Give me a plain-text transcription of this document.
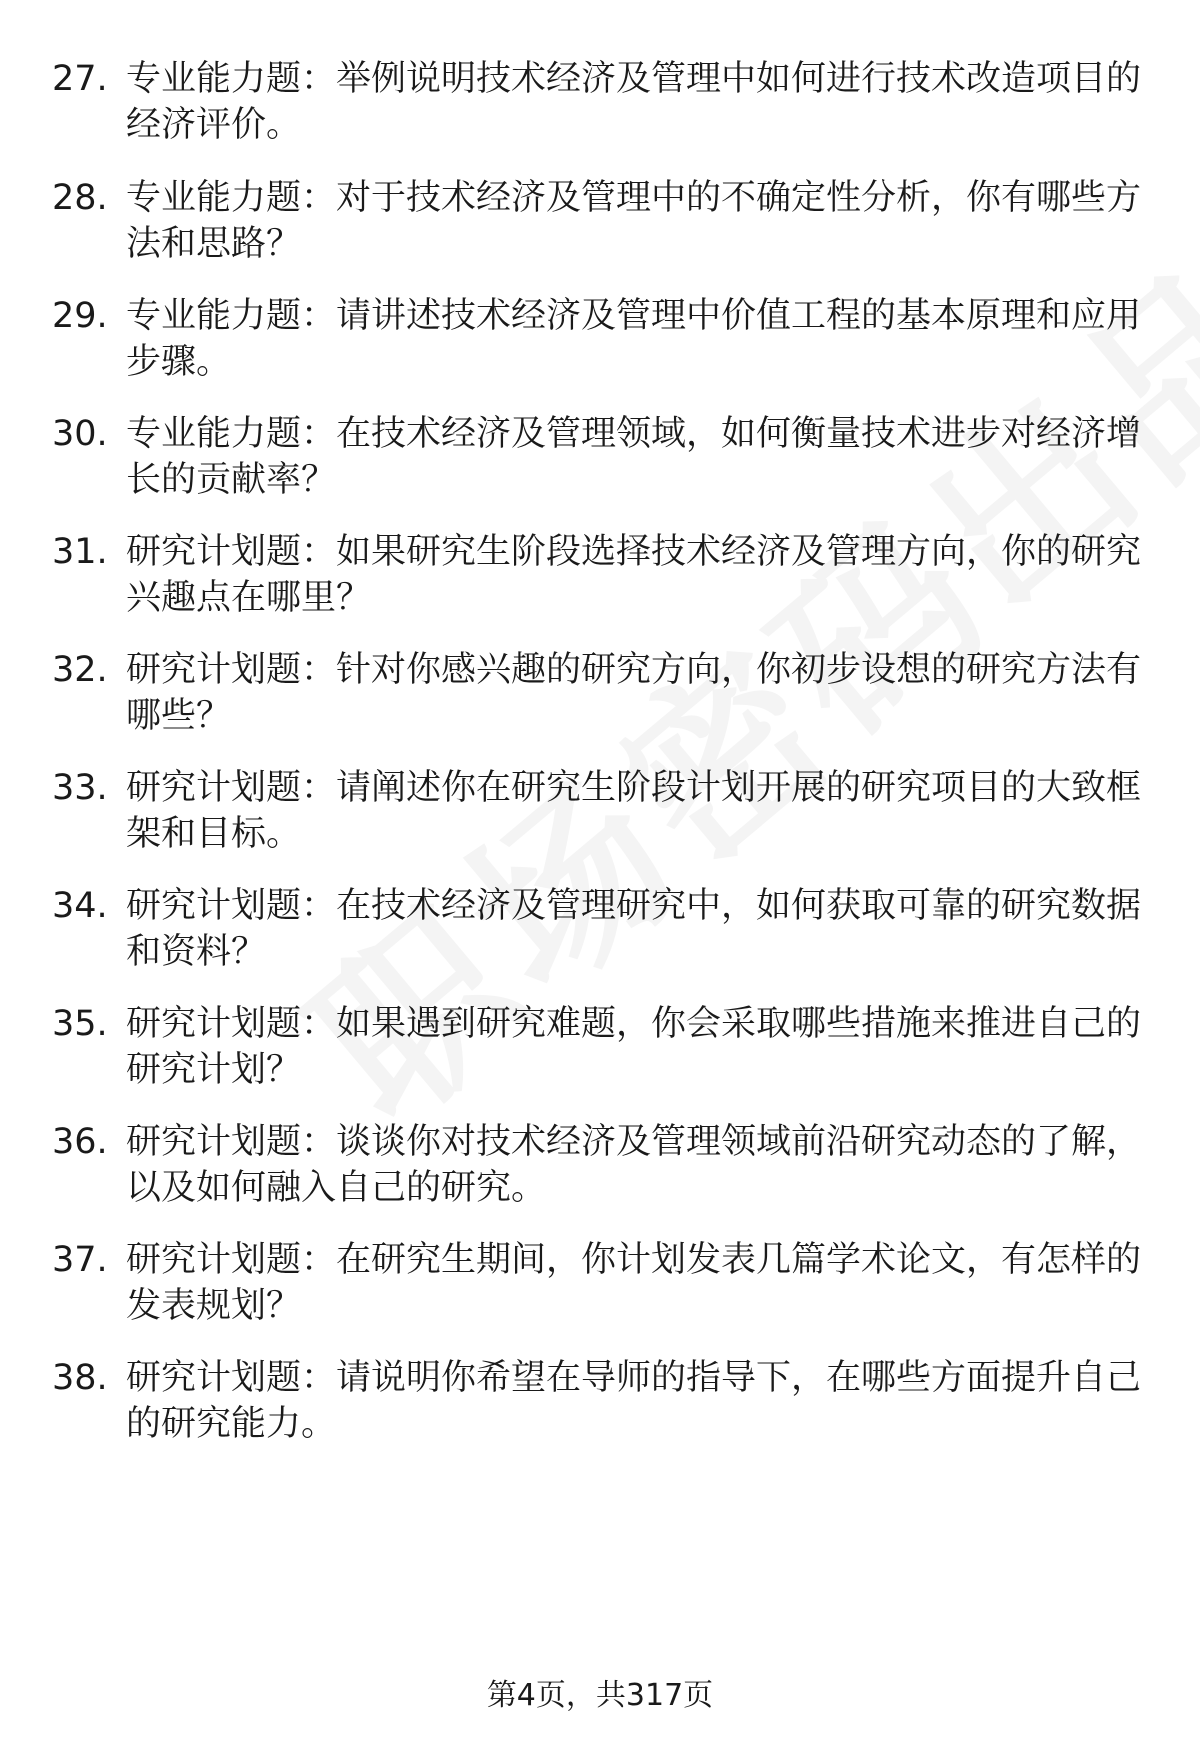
27. 专业能力题：举例说明技术经济及管理中如何进行技术改造项目的经济评价。
28. 专业能力题：对于技术经济及管理中的不确定性分析，你有哪些方法和思路？
29. 专业能力题：请讲述技术经济及管理中价值工程的基本原理和应用步骤。
30. 专业能力题：在技术经济及管理领域，如何衡量技术进步对经济增长的贡献率？
31. 研究计划题：如果研究生阶段选择技术经济及管理方向，你的研究兴趣点在哪里？
32. 研究计划题：针对你感兴趣的研究方向，你初步设想的研究方法有哪些？
33. 研究计划题：请阐述你在研究生阶段计划开展的研究项目的大致框架和目标。
34. 研究计划题：在技术经济及管理研究中，如何获取可靠的研究数据和资料？
35. 研究计划题：如果遇到研究难题，你会采取哪些措施来推进自己的研究计划？
36. 研究计划题：谈谈你对技术经济及管理领域前沿研究动态的了解，以及如何融入自己的研究。
37. 研究计划题：在研究生期间，你计划发表几篇学术论文，有怎样的发表规划？
38. 研究计划题：请说明你希望在导师的指导下，在哪些方面提升自己的研究能力。
第4页，共317页
